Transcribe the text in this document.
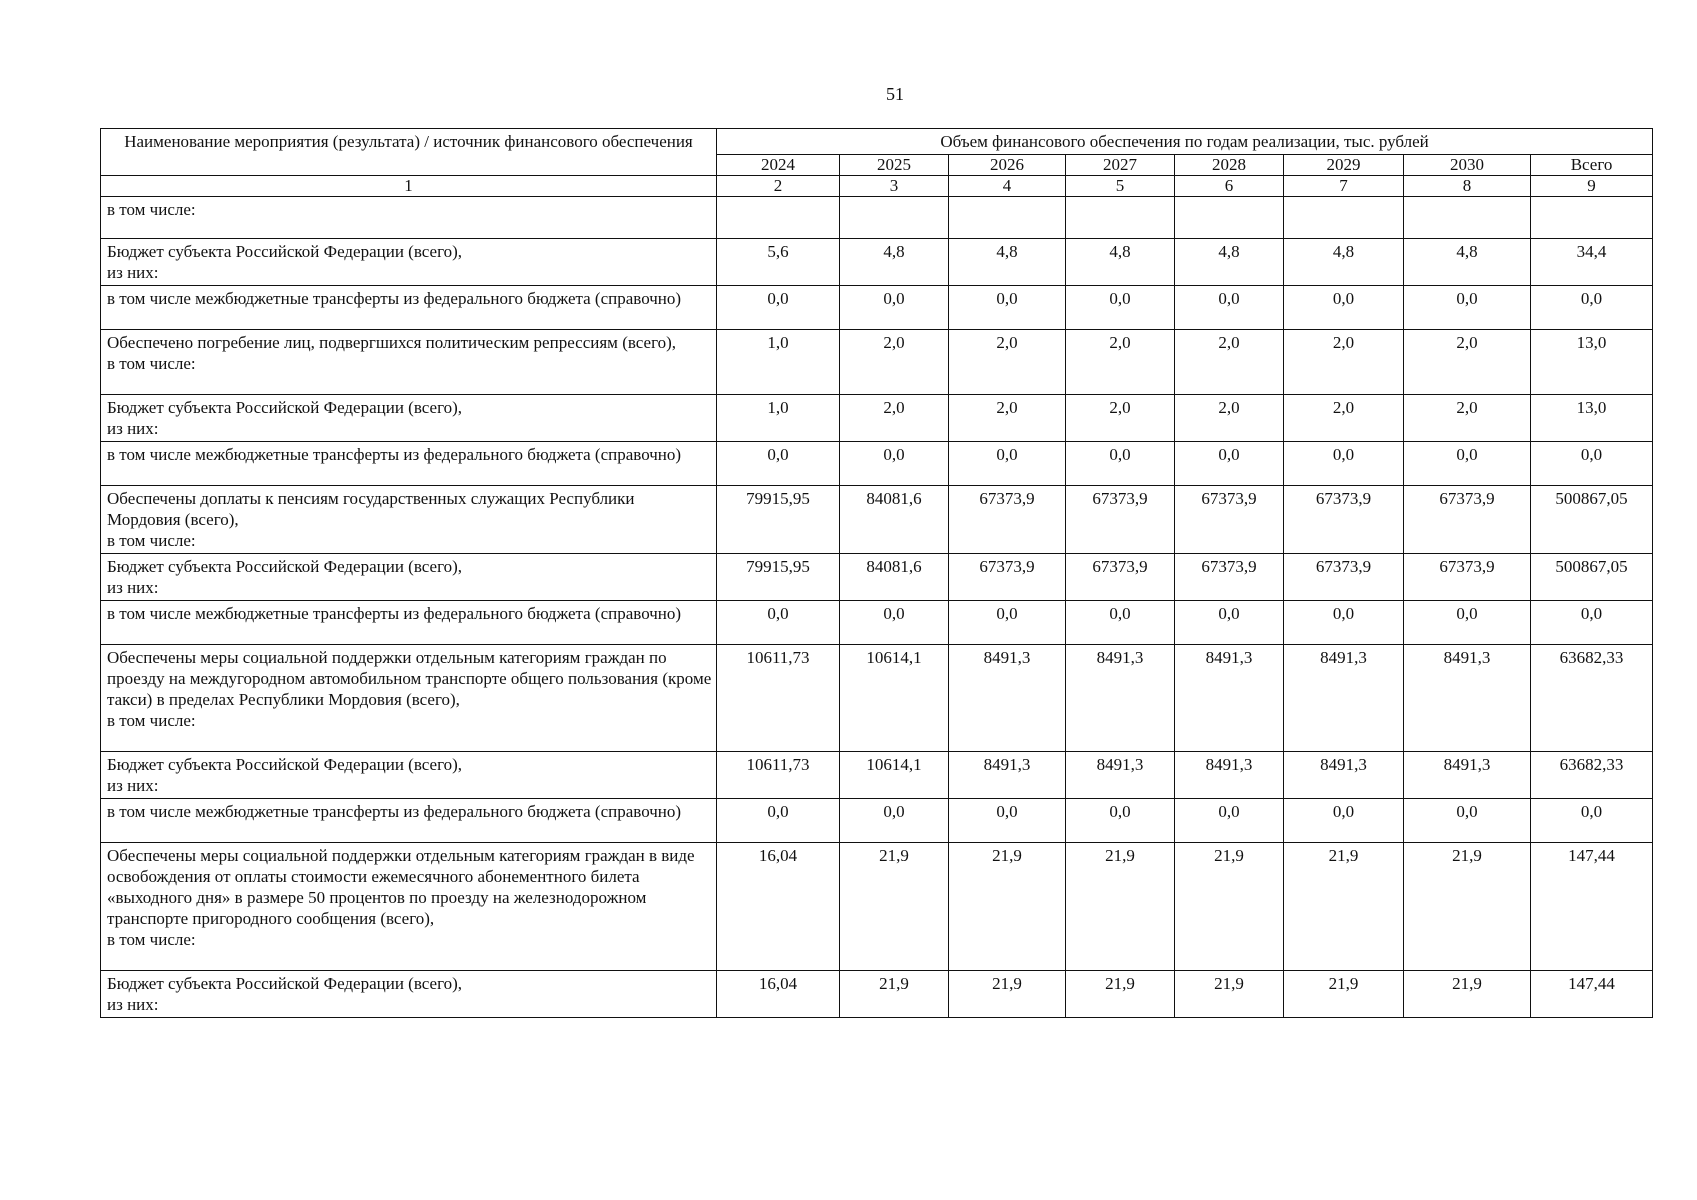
51
Наименование мероприятия (результата) / источник финансового обеспечения	Объем финансового обеспечения по годам реализации, тыс. рублей							
	2024	2025	2026	2027	2028	2029	2030	Всего
1	2	3	4	5	6	7	8	9
в том числе:								
Бюджет субъекта Российской Федерации (всего),
из них:	5,6	4,8	4,8	4,8	4,8	4,8	4,8	34,4
в том числе межбюджетные трансферты из федерального бюджета (справочно)	0,0	0,0	0,0	0,0	0,0	0,0	0,0	0,0
Обеспечено погребение лиц, подвергшихся политическим репрессиям (всего),
в том числе:	1,0	2,0	2,0	2,0	2,0	2,0	2,0	13,0
Бюджет субъекта Российской Федерации (всего),
из них:	1,0	2,0	2,0	2,0	2,0	2,0	2,0	13,0
в том числе межбюджетные трансферты из федерального бюджета (справочно)	0,0	0,0	0,0	0,0	0,0	0,0	0,0	0,0
Обеспечены доплаты к пенсиям государственных служащих Республики Мордовия (всего),
в том числе:	79915,95	84081,6	67373,9	67373,9	67373,9	67373,9	67373,9	500867,05
Бюджет субъекта Российской Федерации (всего),
из них:	79915,95	84081,6	67373,9	67373,9	67373,9	67373,9	67373,9	500867,05
в том числе межбюджетные трансферты из федерального бюджета (справочно)	0,0	0,0	0,0	0,0	0,0	0,0	0,0	0,0
Обеспечены меры социальной поддержки отдельным категориям граждан по проезду на междугородном автомобильном транспорте общего пользования (кроме такси) в пределах Республики Мордовия (всего),
в том числе:	10611,73	10614,1	8491,3	8491,3	8491,3	8491,3	8491,3	63682,33
Бюджет субъекта Российской Федерации (всего),
из них:	10611,73	10614,1	8491,3	8491,3	8491,3	8491,3	8491,3	63682,33
в том числе межбюджетные трансферты из федерального бюджета (справочно)	0,0	0,0	0,0	0,0	0,0	0,0	0,0	0,0
Обеспечены меры социальной поддержки отдельным категориям граждан в виде освобождения от оплаты стоимости ежемесячного абонементного билета «выходного дня» в размере 50 процентов по проезду на железнодорожном транспорте пригородного сообщения (всего),
в том числе:	16,04	21,9	21,9	21,9	21,9	21,9	21,9	147,44
Бюджет субъекта Российской Федерации (всего),
из них:	16,04	21,9	21,9	21,9	21,9	21,9	21,9	147,44
